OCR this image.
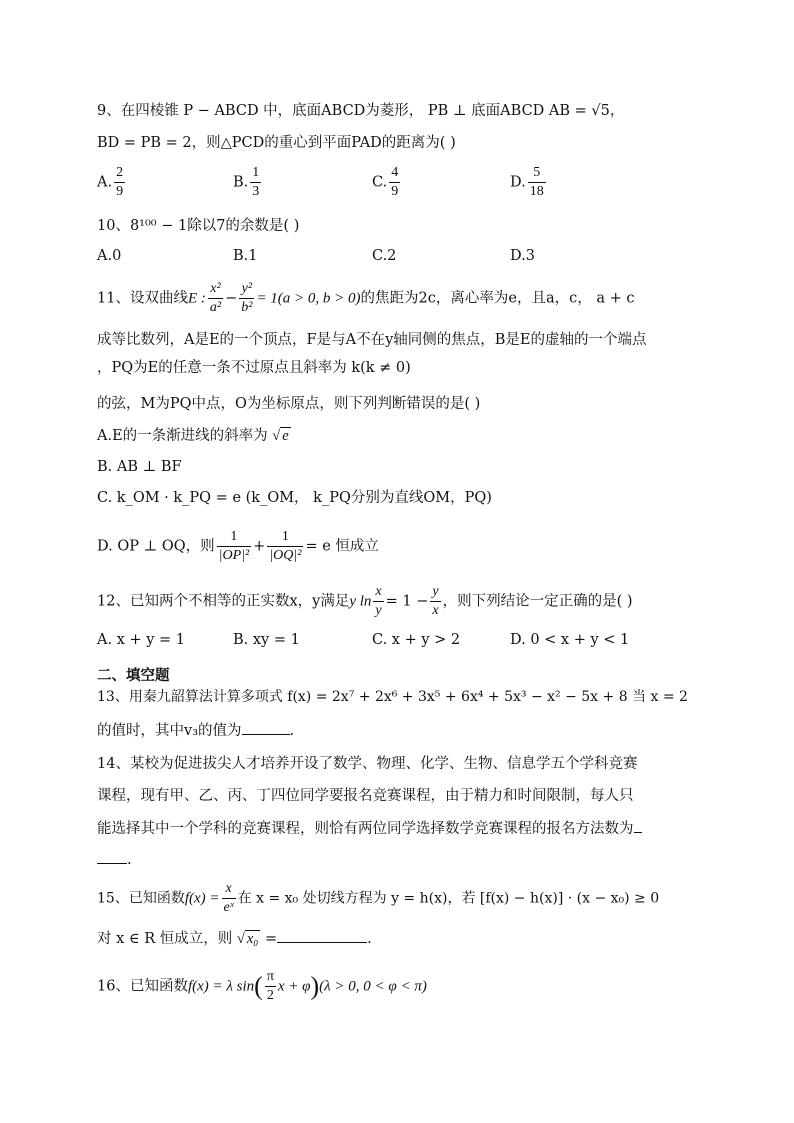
9、在四棱锥 P − ABCD 中，底面ABCD为菱形， PB ⊥ 底面ABCD AB = √5，
BD = PB = 2，则△PCD的重心到平面PAD的距离为( )
A. $\frac{2}{9}$	B. $\frac{1}{3}$	C. $\frac{4}{9}$	D. $\frac{5}{18}$
10、8¹⁰⁰ − 1除以7的余数是( )
A.0	B.1	C.2	D.3
11、设双曲线E : $\frac{\text{x²}}{\text{a²}} - \frac{\text{y²}}{\text{b²}} = 1(a > 0$, b > 0)的焦距为2c，离心率为e，且a，c， a + c
成等比数列，A是E的一个顶点，F是与A不在y轴同侧的焦点，B是E的虚轴的一个端点
，PQ为E的任意一条不过原点且斜率为 k(k ≠ 0)
的弦，M为PQ中点，O为坐标原点，则下列判断错误的是( )
A.E的一条渐进线的斜率为 √ e
B. AB ⊥ BF
C. k_OM · k_PQ = e (k_OM， k_PQ分别为直线OM，PQ)
D. OP ⊥ OQ，则 $\frac{1}{\text{|OP|²}} + \frac{1}{\text{|OQ|²}} = e$ 恒成立
12、已知两个不相等的正实数x，y满足y $\ln \frac{x}{y} = 1 - \frac{y}{x}$ ，则下列结论一定正确的是( )
A. x + y = 1	B. xy = 1	C. x + y > 2	D. 0 < x + y < 1
二、填空题
13、用秦九韶算法计算多项式 f(x) = 2x⁷ + 2x⁶ + 3x⁵ + 6x⁴ + 5x³ − x² − 5x + 8 当 x = 2
的值时，其中v₃的值为	.
14、某校为促进拔尖人才培养开设了数学、物理、化学、生物、信息学五个学科竞赛
课程，现有甲、乙、丙、丁四位同学要报名竞赛课程，由于精力和时间限制，每人只
能选择其中一个学科的竞赛课程，则恰有两位同学选择数学竞赛课程的报名方法数为
.
15、已知函数$f(x) = \frac{x}{\text{eˣ}}$ 在 x = x₀ 处切线方程为 y = h(x)，若 [f(x) − h(x)] · (x − x₀) ≥ 0
对 x ∈ R 恒成立，则 √ x₀ =	.
16、已知函数f(x) = λ $\sin( \frac{\pi}{2}$ x + φ)(λ > 0, 0 < φ < π)
